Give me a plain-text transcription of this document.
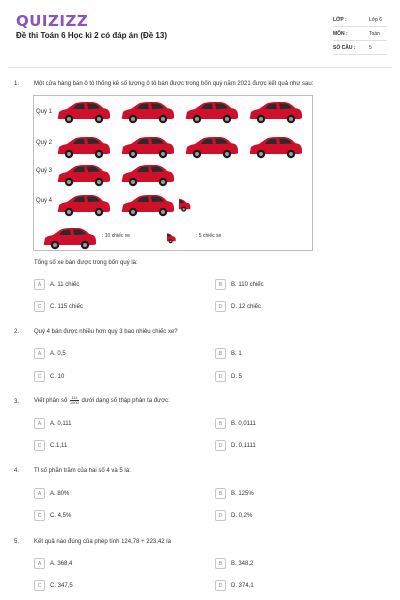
QUIZIZZ
Đề thi Toán 6 Học kì 2 có đáp án (Đề 13)
LỚP :	Lớp 6
MÔN :	Toán
SỐ CÂU :	5
1. Một cửa hàng bán ô tô thống kê số lượng ô tô bán được trong bốn quý năm 2021 được kết quả như sau:
Quý 1
Quý 2
Quý 3
Quý 4
: 10 chiếc xe	: 5 chiếc xe
Tổng số xe bán được trong bốn quý là:
A	A. 11 chiếc	B	B. 110 chiếc
C	C. 115 chiếc	D	D. 12 chiếc
2. Quý 4 bán được nhiều hơn quý 3 bao nhiêu chiếc xe?
A	A. 0,5	B	B. 1
C	C. 10	D	D. 5
3. Viết phân số $\frac{111}{1000}$ dưới dạng số thập phân ta được:
A	A. 0,111	B	B. 0,0111
C	C.1,11	D	D. 0,1111
4. Tỉ số phần trăm của hai số 4 và 5 là:
A	A. 80%	B	B. 125%
C	C. 4,5%	D	D. 0,2%
5. Kết quả nào đúng của phép tính 124,78 + 223,42 là
A	A. 368,4	B	B. 348,2
C	C. 347,5	D	D. 374,1
